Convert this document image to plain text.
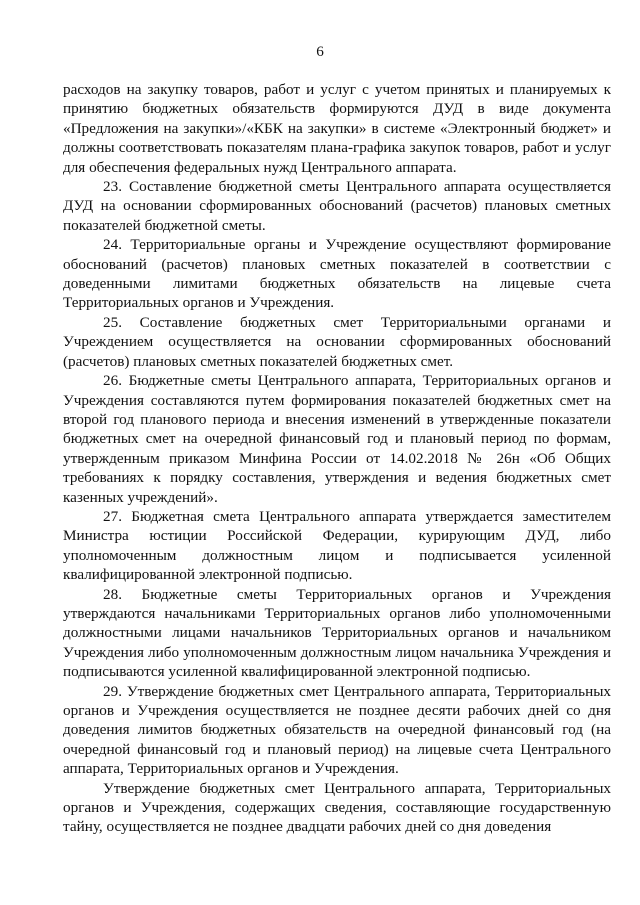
6

расходов на закупку товаров, работ и услуг с учетом принятых и планируемых к принятию бюджетных обязательств формируются ДУД в виде документа «Предложения на закупки»/«КБК на закупки» в системе «Электронный бюджет» и должны соответствовать показателям плана-графика закупок товаров, работ и услуг для обеспечения федеральных нужд Центрального аппарата.

23. Составление бюджетной сметы Центрального аппарата осуществляется ДУД на основании сформированных обоснований (расчетов) плановых сметных показателей бюджетной сметы.

24. Территориальные органы и Учреждение осуществляют формирование обоснований (расчетов) плановых сметных показателей в соответствии с доведенными лимитами бюджетных обязательств на лицевые счета Территориальных органов и Учреждения.

25. Составление бюджетных смет Территориальными органами и Учреждением осуществляется на основании сформированных обоснований (расчетов) плановых сметных показателей бюджетных смет.

26. Бюджетные сметы Центрального аппарата, Территориальных органов и Учреждения составляются путем формирования показателей бюджетных смет на второй год планового периода и внесения изменений в утвержденные показатели бюджетных смет на очередной финансовый год и плановый период по формам, утвержденным приказом Минфина России от 14.02.2018 № 26н «Об Общих требованиях к порядку составления, утверждения и ведения бюджетных смет казенных учреждений».

27. Бюджетная смета Центрального аппарата утверждается заместителем Министра юстиции Российской Федерации, курирующим ДУД, либо уполномоченным должностным лицом и подписывается усиленной квалифицированной электронной подписью.

28. Бюджетные сметы Территориальных органов и Учреждения утверждаются начальниками Территориальных органов либо уполномоченными должностными лицами начальников Территориальных органов и начальником Учреждения либо уполномоченным должностным лицом начальника Учреждения и подписываются усиленной квалифицированной электронной подписью.

29. Утверждение бюджетных смет Центрального аппарата, Территориальных органов и Учреждения осуществляется не позднее десяти рабочих дней со дня доведения лимитов бюджетных обязательств на очередной финансовый год (на очередной финансовый год и плановый период) на лицевые счета Центрального аппарата, Территориальных органов и Учреждения.

Утверждение бюджетных смет Центрального аппарата, Территориальных органов и Учреждения, содержащих сведения, составляющие государственную тайну, осуществляется не позднее двадцати рабочих дней со дня доведения
